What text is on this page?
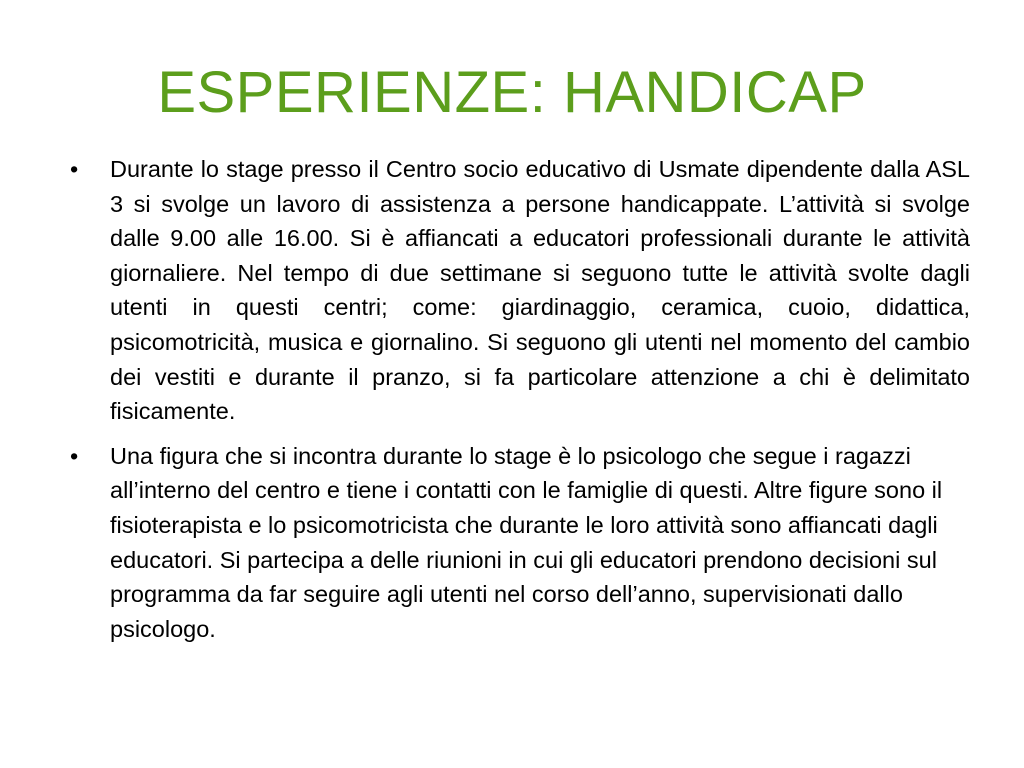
ESPERIENZE: HANDICAP
•	Durante lo stage presso il Centro socio educativo di Usmate dipendente dalla ASL 3 si svolge un lavoro di assistenza a persone handicappate. L’attività si svolge dalle 9.00 alle 16.00. Si è affiancati a educatori professionali durante le attività giornaliere. Nel tempo di due settimane si seguono tutte le attività svolte dagli utenti in questi centri; come: giardinaggio, ceramica, cuoio, didattica, psicomotricità, musica e giornalino. Si seguono gli utenti nel momento del cambio dei vestiti e durante il pranzo, si fa particolare attenzione a chi è delimitato fisicamente.
•	Una figura che si incontra durante lo stage è lo psicologo che segue i ragazzi all’interno del centro e tiene i contatti con le famiglie di questi. Altre figure sono il fisioterapista e lo psicomotricista che durante le loro attività sono affiancati dagli educatori. Si partecipa a delle riunioni in cui gli educatori prendono decisioni sul programma da far seguire agli utenti nel corso dell’anno, supervisionati dallo psicologo.
